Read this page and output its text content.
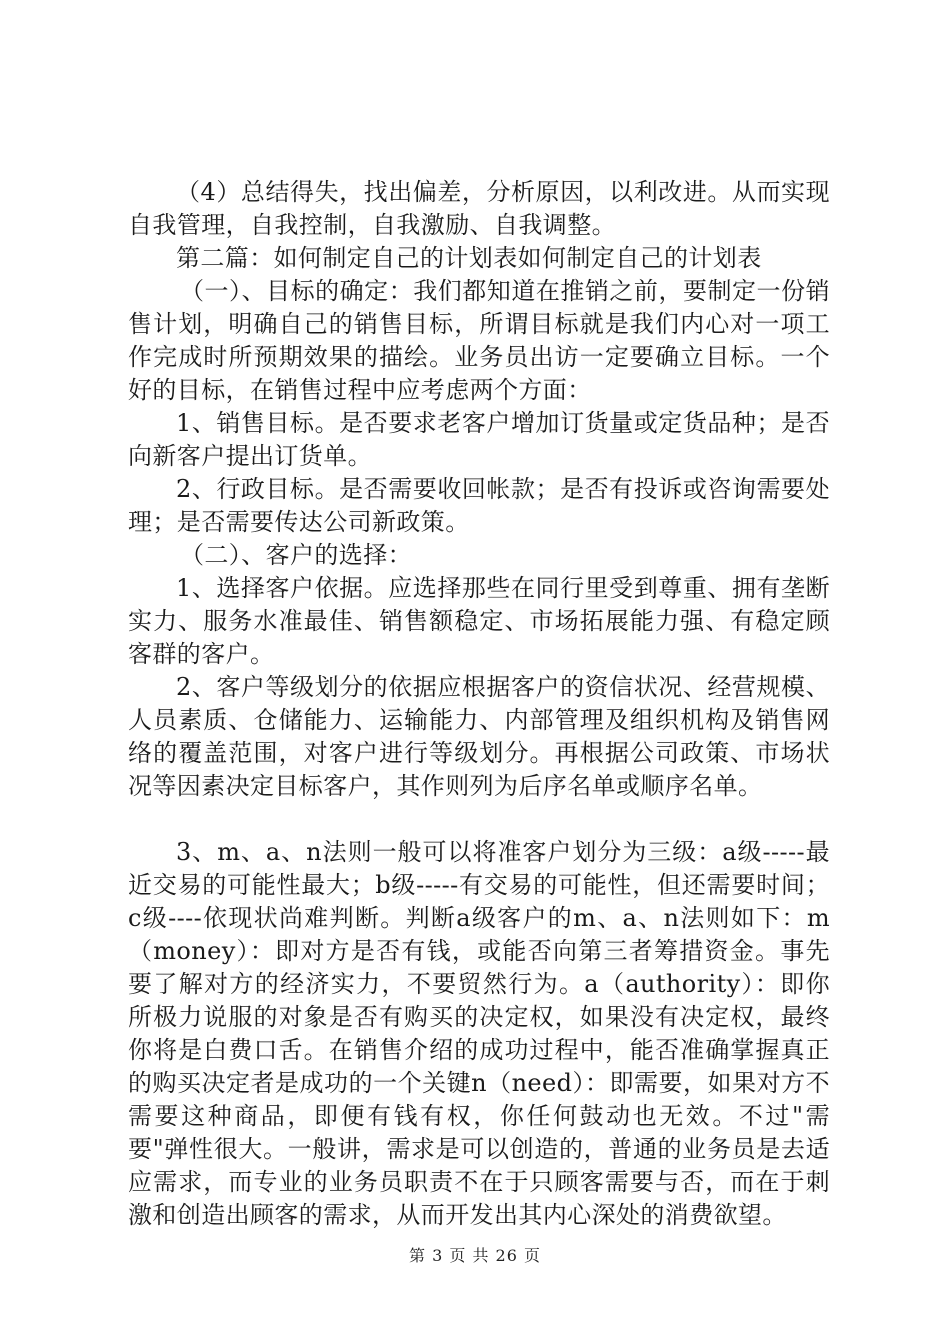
（4）总结得失，找出偏差，分析原因，以利改进。从而实现自我管理，自我控制，自我激励、自我调整。

第二篇：如何制定自己的计划表如何制定自己的计划表

（一）、目标的确定：我们都知道在推销之前，要制定一份销售计划，明确自己的销售目标，所谓目标就是我们内心对一项工作完成时所预期效果的描绘。业务员出访一定要确立目标。一个好的目标，在销售过程中应考虑两个方面：

1、销售目标。是否要求老客户增加订货量或定货品种；是否向新客户提出订货单。

2、行政目标。是否需要收回帐款；是否有投诉或咨询需要处理；是否需要传达公司新政策。

（二）、客户的选择：

1、选择客户依据。应选择那些在同行里受到尊重、拥有垄断实力、服务水准最佳、销售额稳定、市场拓展能力强、有稳定顾客群的客户。

2、客户等级划分的依据应根据客户的资信状况、经营规模、人员素质、仓储能力、运输能力、内部管理及组织机构及销售网络的覆盖范围，对客户进行等级划分。再根据公司政策、市场状况等因素决定目标客户，其作则列为后序名单或顺序名单。

3、m、a、n法则一般可以将准客户划分为三级：a级-----最近交易的可能性最大；b级-----有交易的可能性，但还需要时间；c级----依现状尚难判断。判断a级客户的m、a、n法则如下：m（money）：即对方是否有钱，或能否向第三者筹措资金。事先要了解对方的经济实力，不要贸然行为。a（authority）：即你所极力说服的对象是否有购买的决定权，如果没有决定权，最终你将是白费口舌。在销售介绍的成功过程中，能否准确掌握真正的购买决定者是成功的一个关键n（need）：即需要，如果对方不需要这种商品，即便有钱有权，你任何鼓动也无效。不过"需要"弹性很大。一般讲，需求是可以创造的，普通的业务员是去适应需求，而专业的业务员职责不在于只顾客需要与否，而在于刺激和创造出顾客的需求，从而开发出其内心深处的消费欲望。

第 3 页 共 26 页
